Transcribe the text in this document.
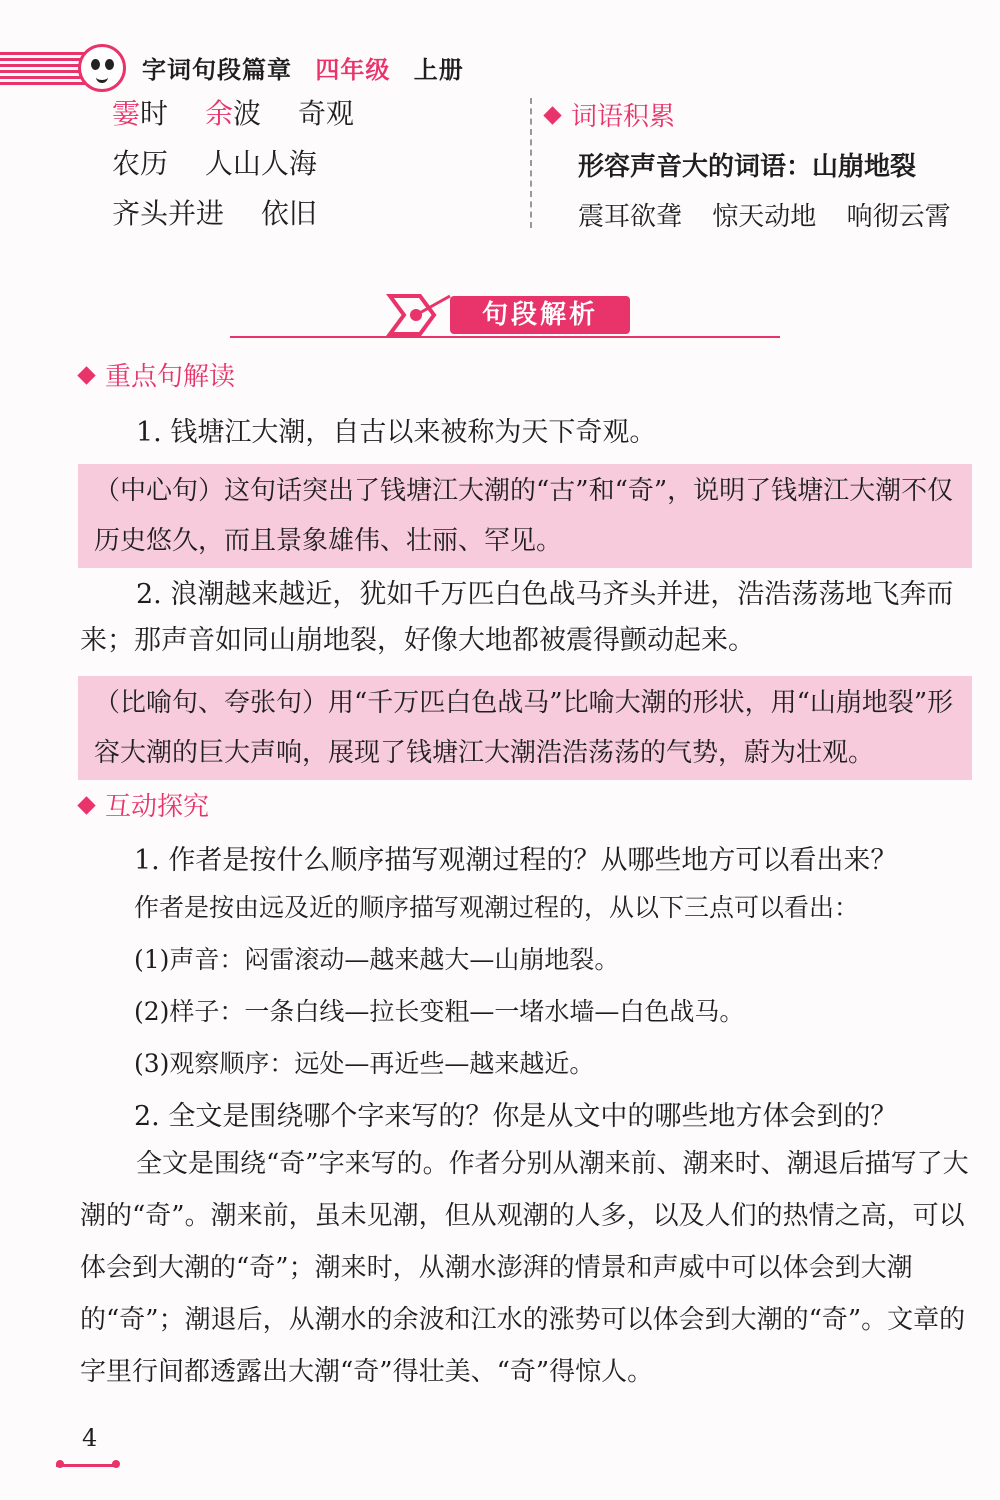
字词句段篇章 四年级 上册
霎时 余波 奇观
农历 人山人海
齐头并进 依旧
词语积累
形容声音大的词语：山崩地裂
震耳欲聋 惊天动地 响彻云霄
句段解析
重点句解读
1. 钱塘江大潮，自古以来被称为天下奇观。
（中心句）这句话突出了钱塘江大潮的“古”和“奇”，说明了钱塘江大潮不仅历史悠久，而且景象雄伟、壮丽、罕见。
2. 浪潮越来越近，犹如千万匹白色战马齐头并进，浩浩荡荡地飞奔而来；那声音如同山崩地裂，好像大地都被震得颤动起来。
（比喻句、夸张句）用“千万匹白色战马”比喻大潮的形状，用“山崩地裂”形容大潮的巨大声响，展现了钱塘江大潮浩浩荡荡的气势，蔚为壮观。
互动探究
1. 作者是按什么顺序描写观潮过程的？从哪些地方可以看出来？
作者是按由远及近的顺序描写观潮过程的，从以下三点可以看出：
(1)声音：闷雷滚动—越来越大—山崩地裂。
(2)样子：一条白线—拉长变粗—一堵水墙—白色战马。
(3)观察顺序：远处—再近些—越来越近。
2. 全文是围绕哪个字来写的？你是从文中的哪些地方体会到的？
全文是围绕“奇”字来写的。作者分别从潮来前、潮来时、潮退后描写了大潮的“奇”。潮来前，虽未见潮，但从观潮的人多，以及人们的热情之高，可以体会到大潮的“奇”；潮来时，从潮水澎湃的情景和声威中可以体会到大潮的“奇”；潮退后，从潮水的余波和江水的涨势可以体会到大潮的“奇”。文章的字里行间都透露出大潮“奇”得壮美、“奇”得惊人。
4
